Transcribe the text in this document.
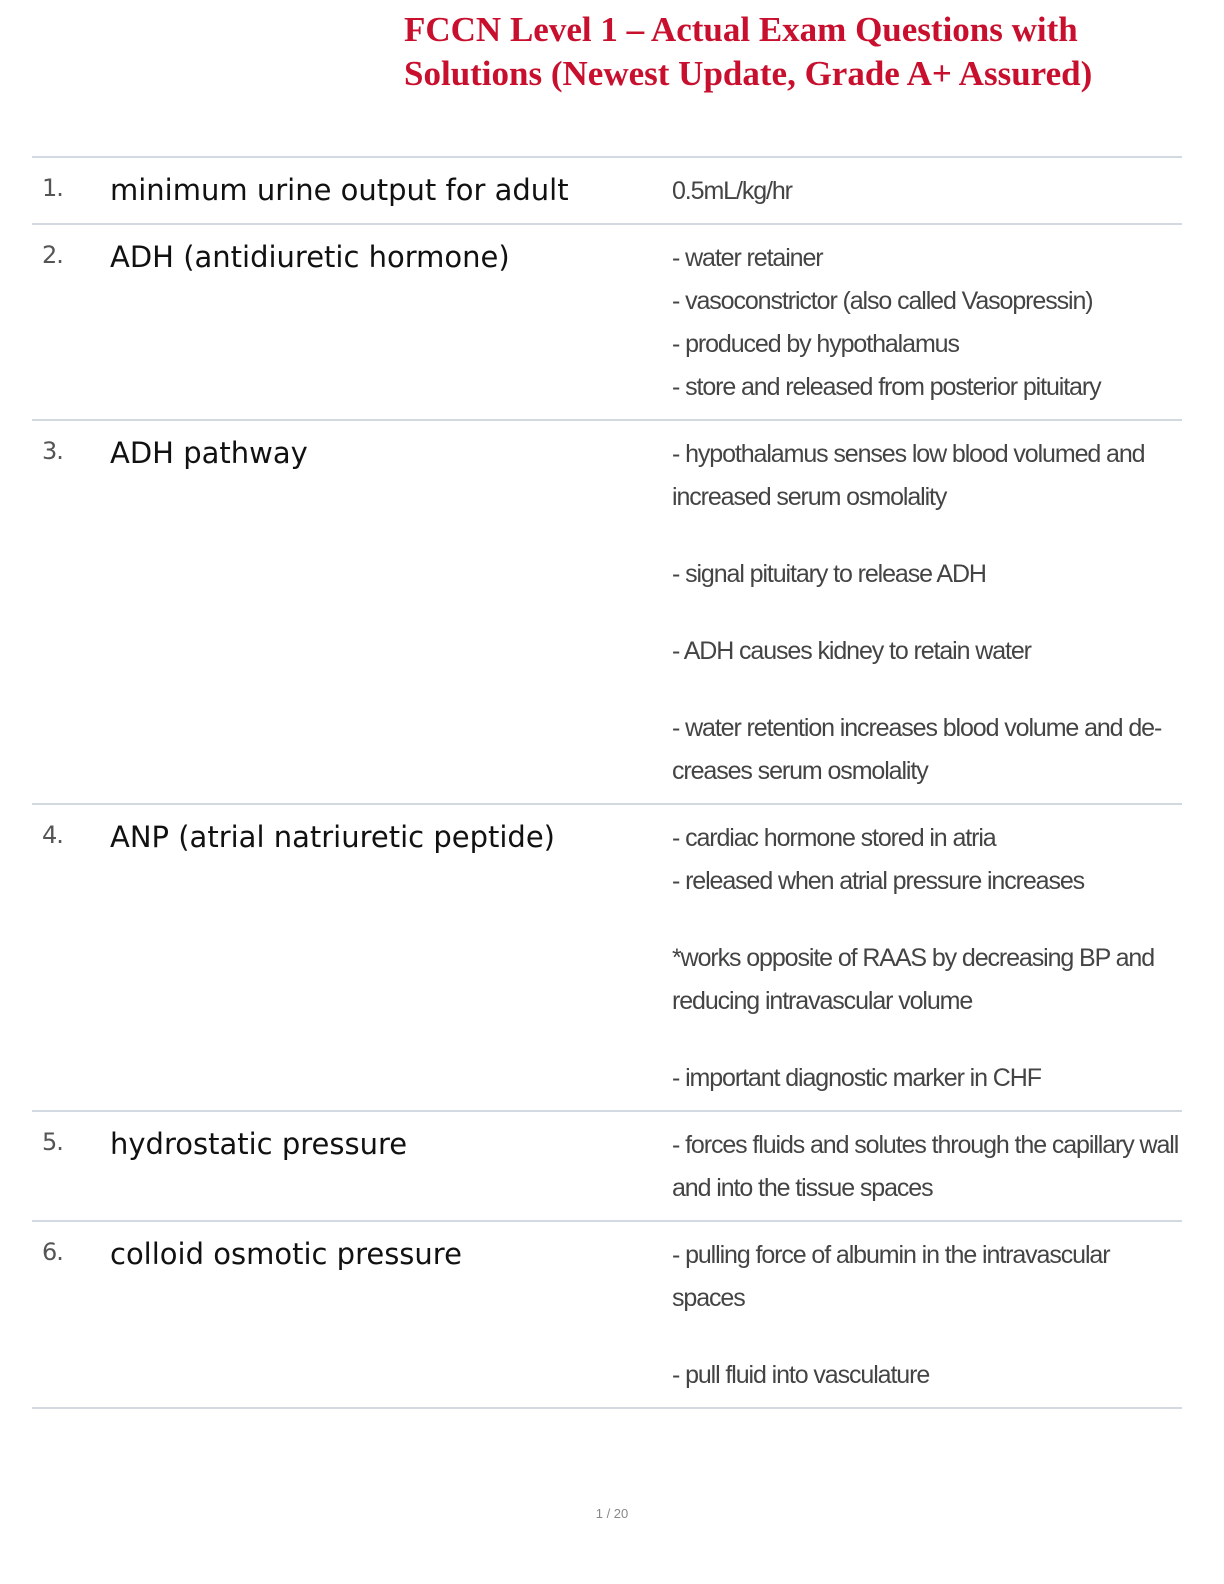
FCCN Level 1 – Actual Exam Questions with
Solutions (Newest Update, Grade A+ Assured)
1.	minimum urine output for adult	0.5mL/kg/hr

2.	ADH (antidiuretic hormone)	- water retainer

- vasoconstrictor (also called Vasopressin)

- produced by hypothalamus

- store and released from posterior pituitary

3.	ADH pathway	- hypothalamus senses low blood volumed and

increased serum osmolality

- signal pituitary to release ADH

- ADH causes kidney to retain water

- water retention increases blood volume and de-

creases serum osmolality

4.	ANP (atrial natriuretic peptide)	- cardiac hormone stored in atria

- released when atrial pressure increases

*works opposite of RAAS by decreasing BP and

reducing intravascular volume

- important diagnostic marker in CHF

5.	hydrostatic pressure	- forces fluids and solutes through the capillary wall

and into the tissue spaces

6.	colloid osmotic pressure	- pulling force of albumin in the intravascular

spaces

- pull fluid into vasculature

1 / 20
